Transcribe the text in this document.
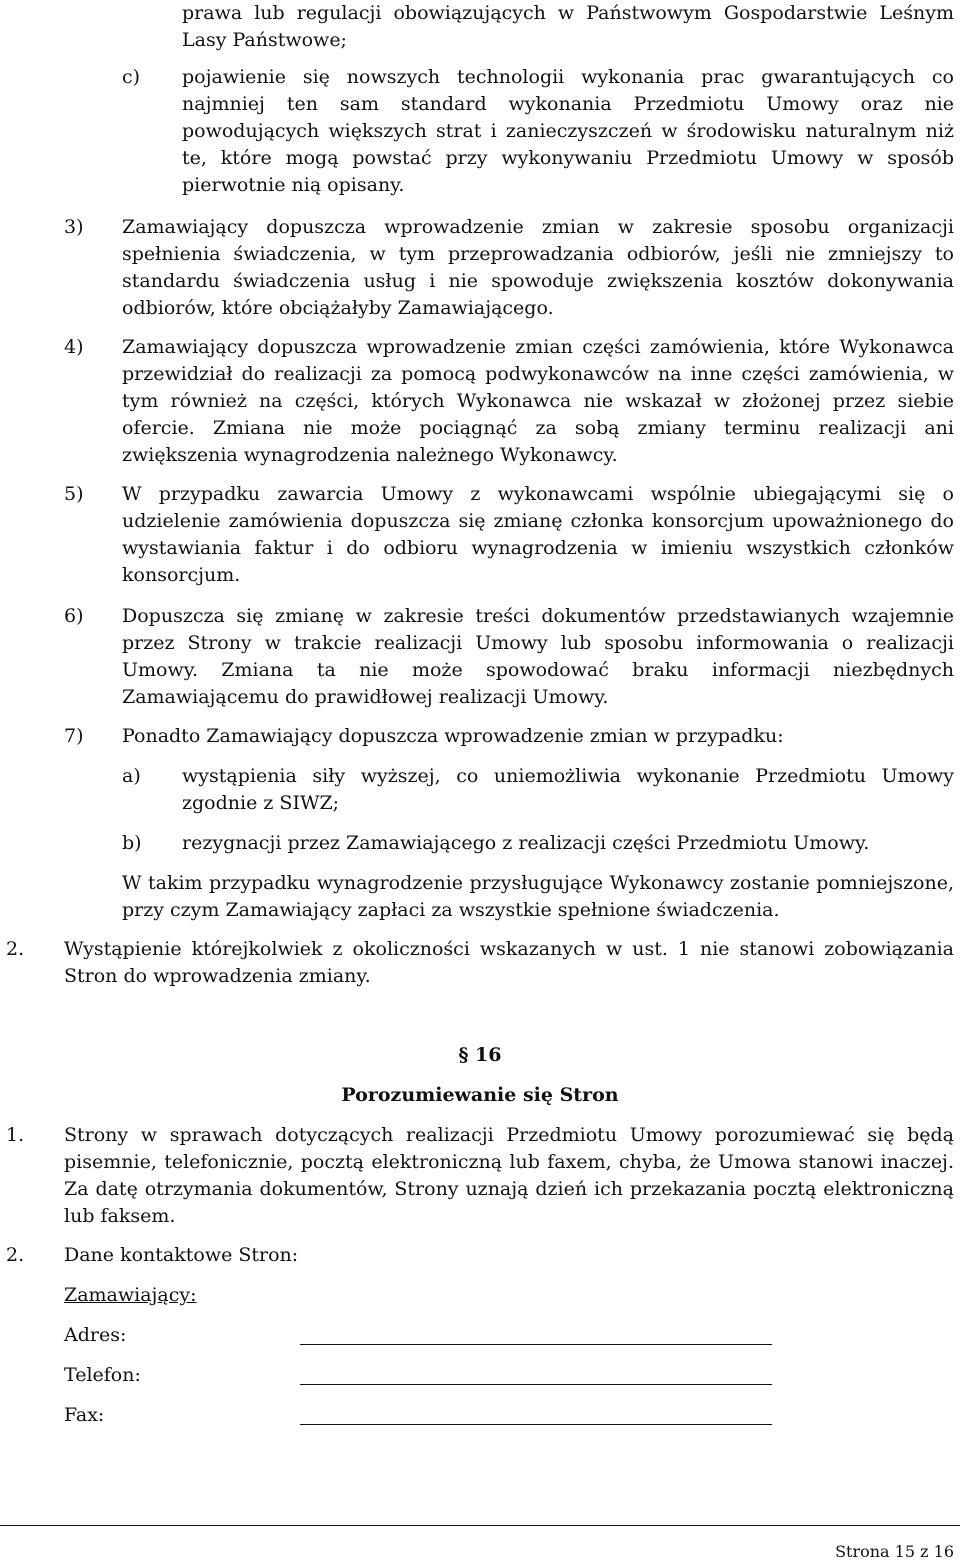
prawa lub regulacji obowiązujących w Państwowym Gospodarstwie Leśnym Lasy Państwowe;

c) pojawienie się nowszych technologii wykonania prac gwarantujących co najmniej ten sam standard wykonania Przedmiotu Umowy oraz nie powodujących większych strat i zanieczyszczeń w środowisku naturalnym niż te, które mogą powstać przy wykonywaniu Przedmiotu Umowy w sposób pierwotnie nią opisany.

3) Zamawiający dopuszcza wprowadzenie zmian w zakresie sposobu organizacji spełnienia świadczenia, w tym przeprowadzania odbiorów, jeśli nie zmniejszy to standardu świadczenia usług i nie spowoduje zwiększenia kosztów dokonywania odbiorów, które obciążałyby Zamawiającego.

4) Zamawiający dopuszcza wprowadzenie zmian części zamówienia, które Wykonawca przewidział do realizacji za pomocą podwykonawców na inne części zamówienia, w tym również na części, których Wykonawca nie wskazał w złożonej przez siebie ofercie. Zmiana nie może pociągnąć za sobą zmiany terminu realizacji ani zwiększenia wynagrodzenia należnego Wykonawcy.

5) W przypadku zawarcia Umowy z wykonawcami wspólnie ubiegającymi się o udzielenie zamówienia dopuszcza się zmianę członka konsorcjum upoważnionego do wystawiania faktur i do odbioru wynagrodzenia w imieniu wszystkich członków konsorcjum.

6) Dopuszcza się zmianę w zakresie treści dokumentów przedstawianych wzajemnie przez Strony w trakcie realizacji Umowy lub sposobu informowania o realizacji Umowy. Zmiana ta nie może spowodować braku informacji niezbędnych Zamawiającemu do prawidłowej realizacji Umowy.

7) Ponadto Zamawiający dopuszcza wprowadzenie zmian w przypadku:

a) wystąpienia siły wyższej, co uniemożliwia wykonanie Przedmiotu Umowy zgodnie z SIWZ;

b) rezygnacji przez Zamawiającego z realizacji części Przedmiotu Umowy.

W takim przypadku wynagrodzenie przysługujące Wykonawcy zostanie pomniejszone, przy czym Zamawiający zapłaci za wszystkie spełnione świadczenia.

2. Wystąpienie którejkolwiek z okoliczności wskazanych w ust. 1 nie stanowi zobowiązania Stron do wprowadzenia zmiany.

§ 16

Porozumiewanie się Stron

1. Strony w sprawach dotyczących realizacji Przedmiotu Umowy porozumiewać się będą pisemnie, telefonicznie, pocztą elektroniczną lub faxem, chyba, że Umowa stanowi inaczej. Za datę otrzymania dokumentów, Strony uznają dzień ich przekazania pocztą elektroniczną lub faksem.

2. Dane kontaktowe Stron:

Zamawiający:
Adres:
Telefon:
Fax:

Strona 15 z 16
